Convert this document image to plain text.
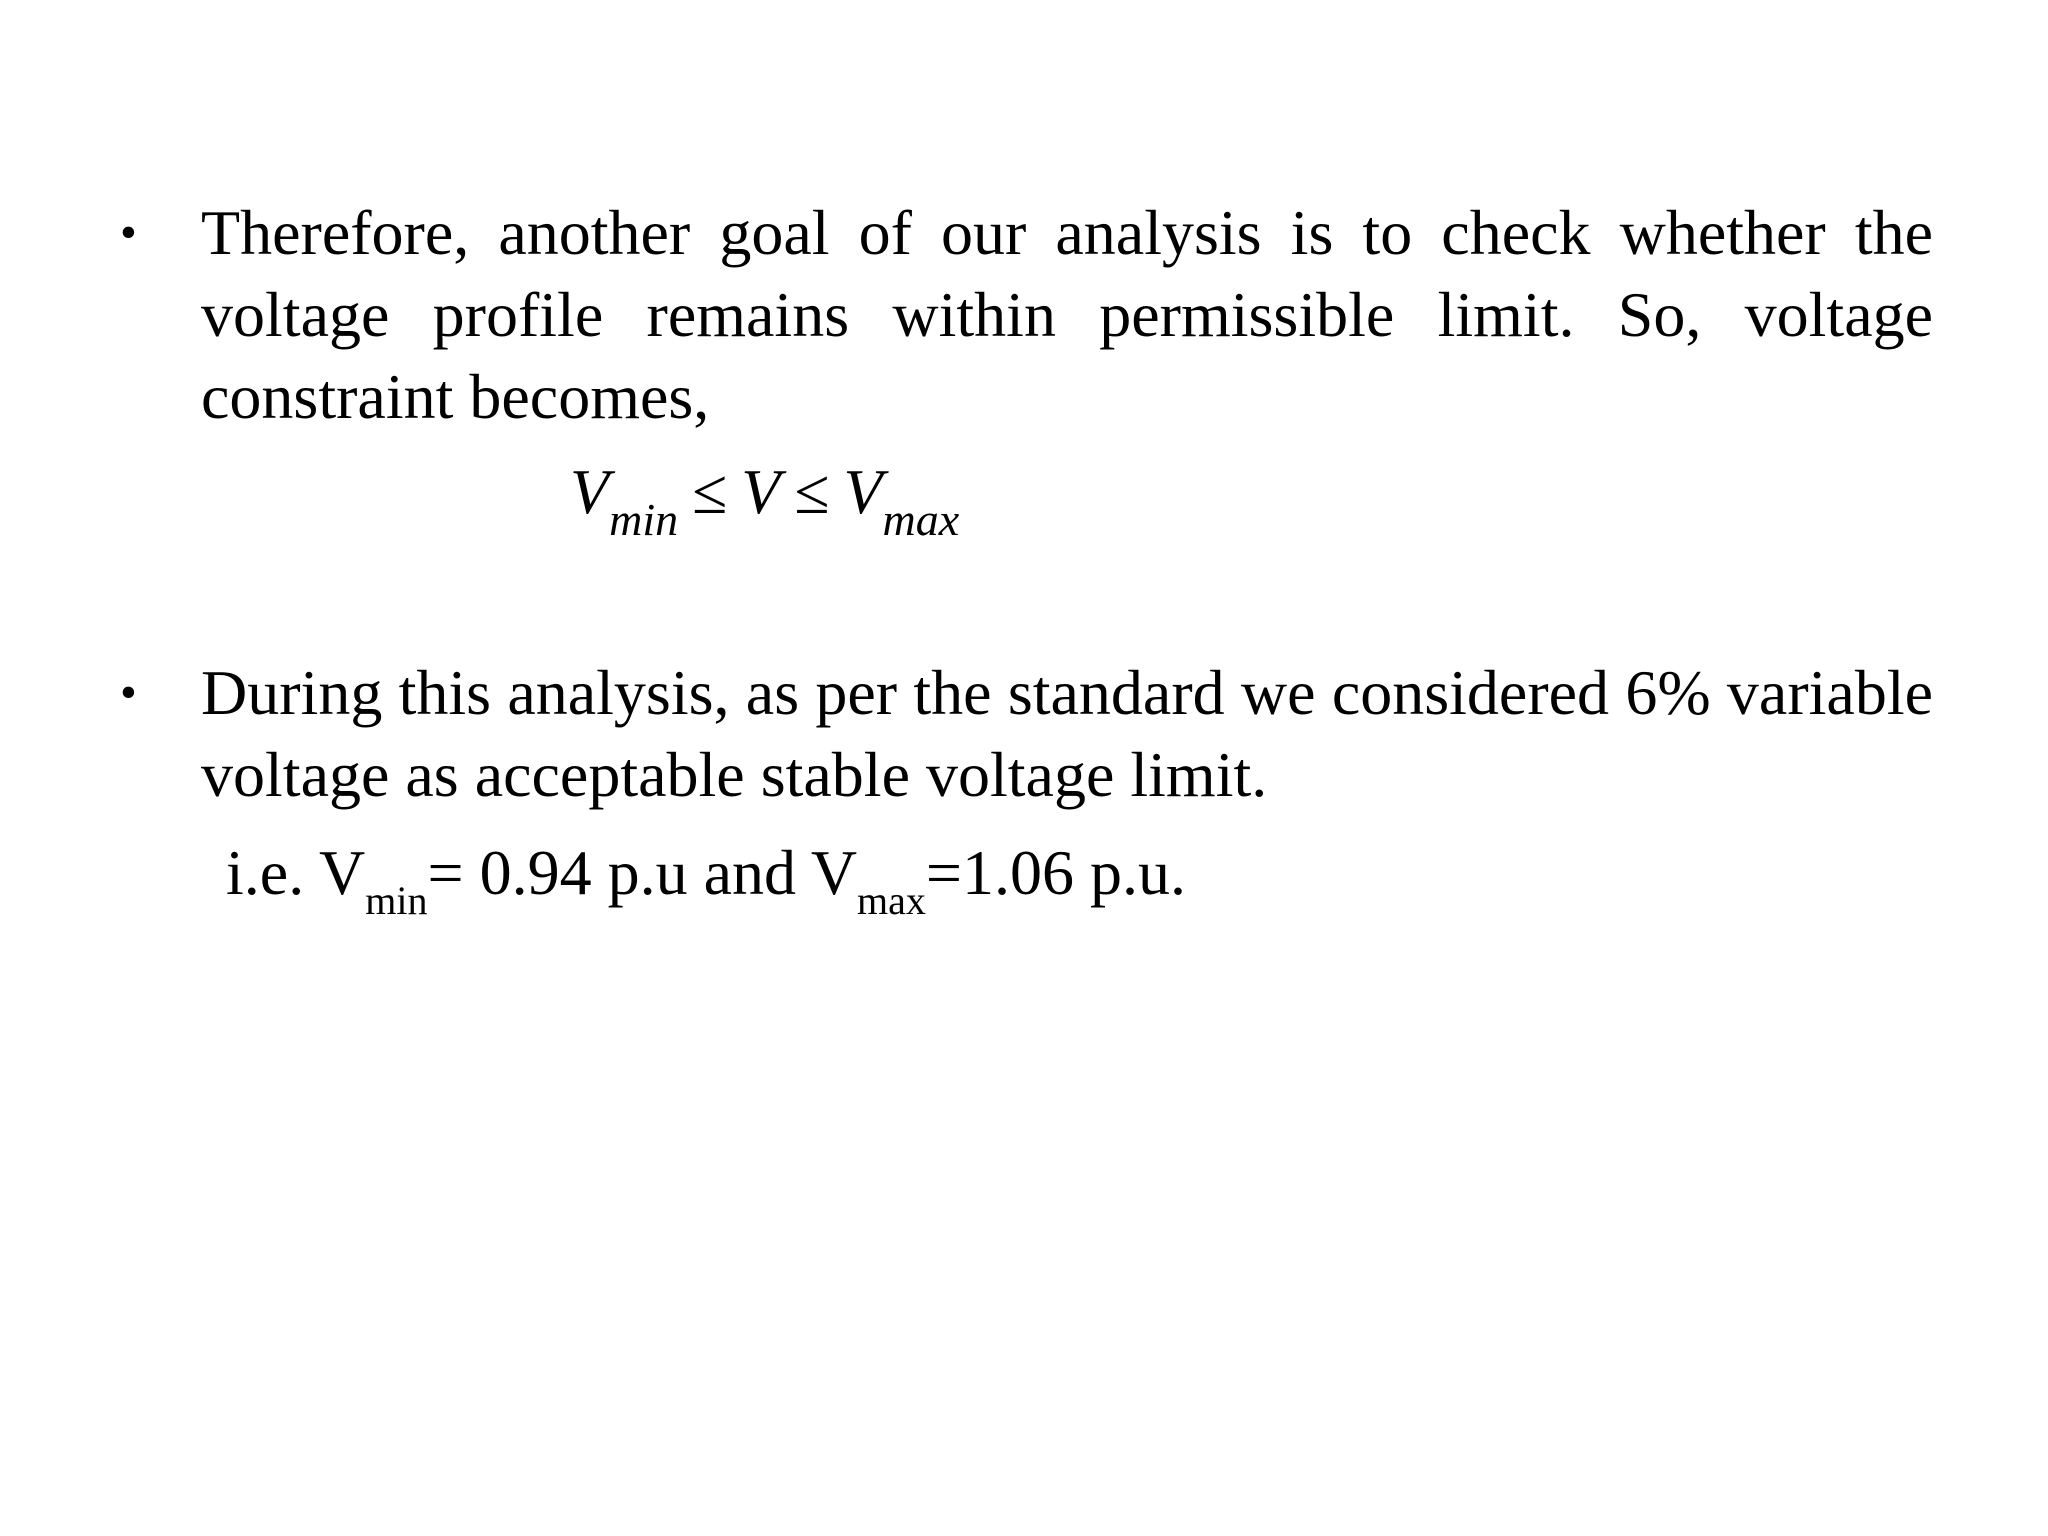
• Therefore, another goal of our analysis is to check whether the voltage profile remains within permissible limit. So, voltage constraint becomes,
$V_{min} \le V \le V_{max}$
• During this analysis, as per the standard we considered 6% variable voltage as acceptable stable voltage limit.
i.e. $V_{min}= 0.94$ p.u and $V_{max}=1.06$ p.u.
